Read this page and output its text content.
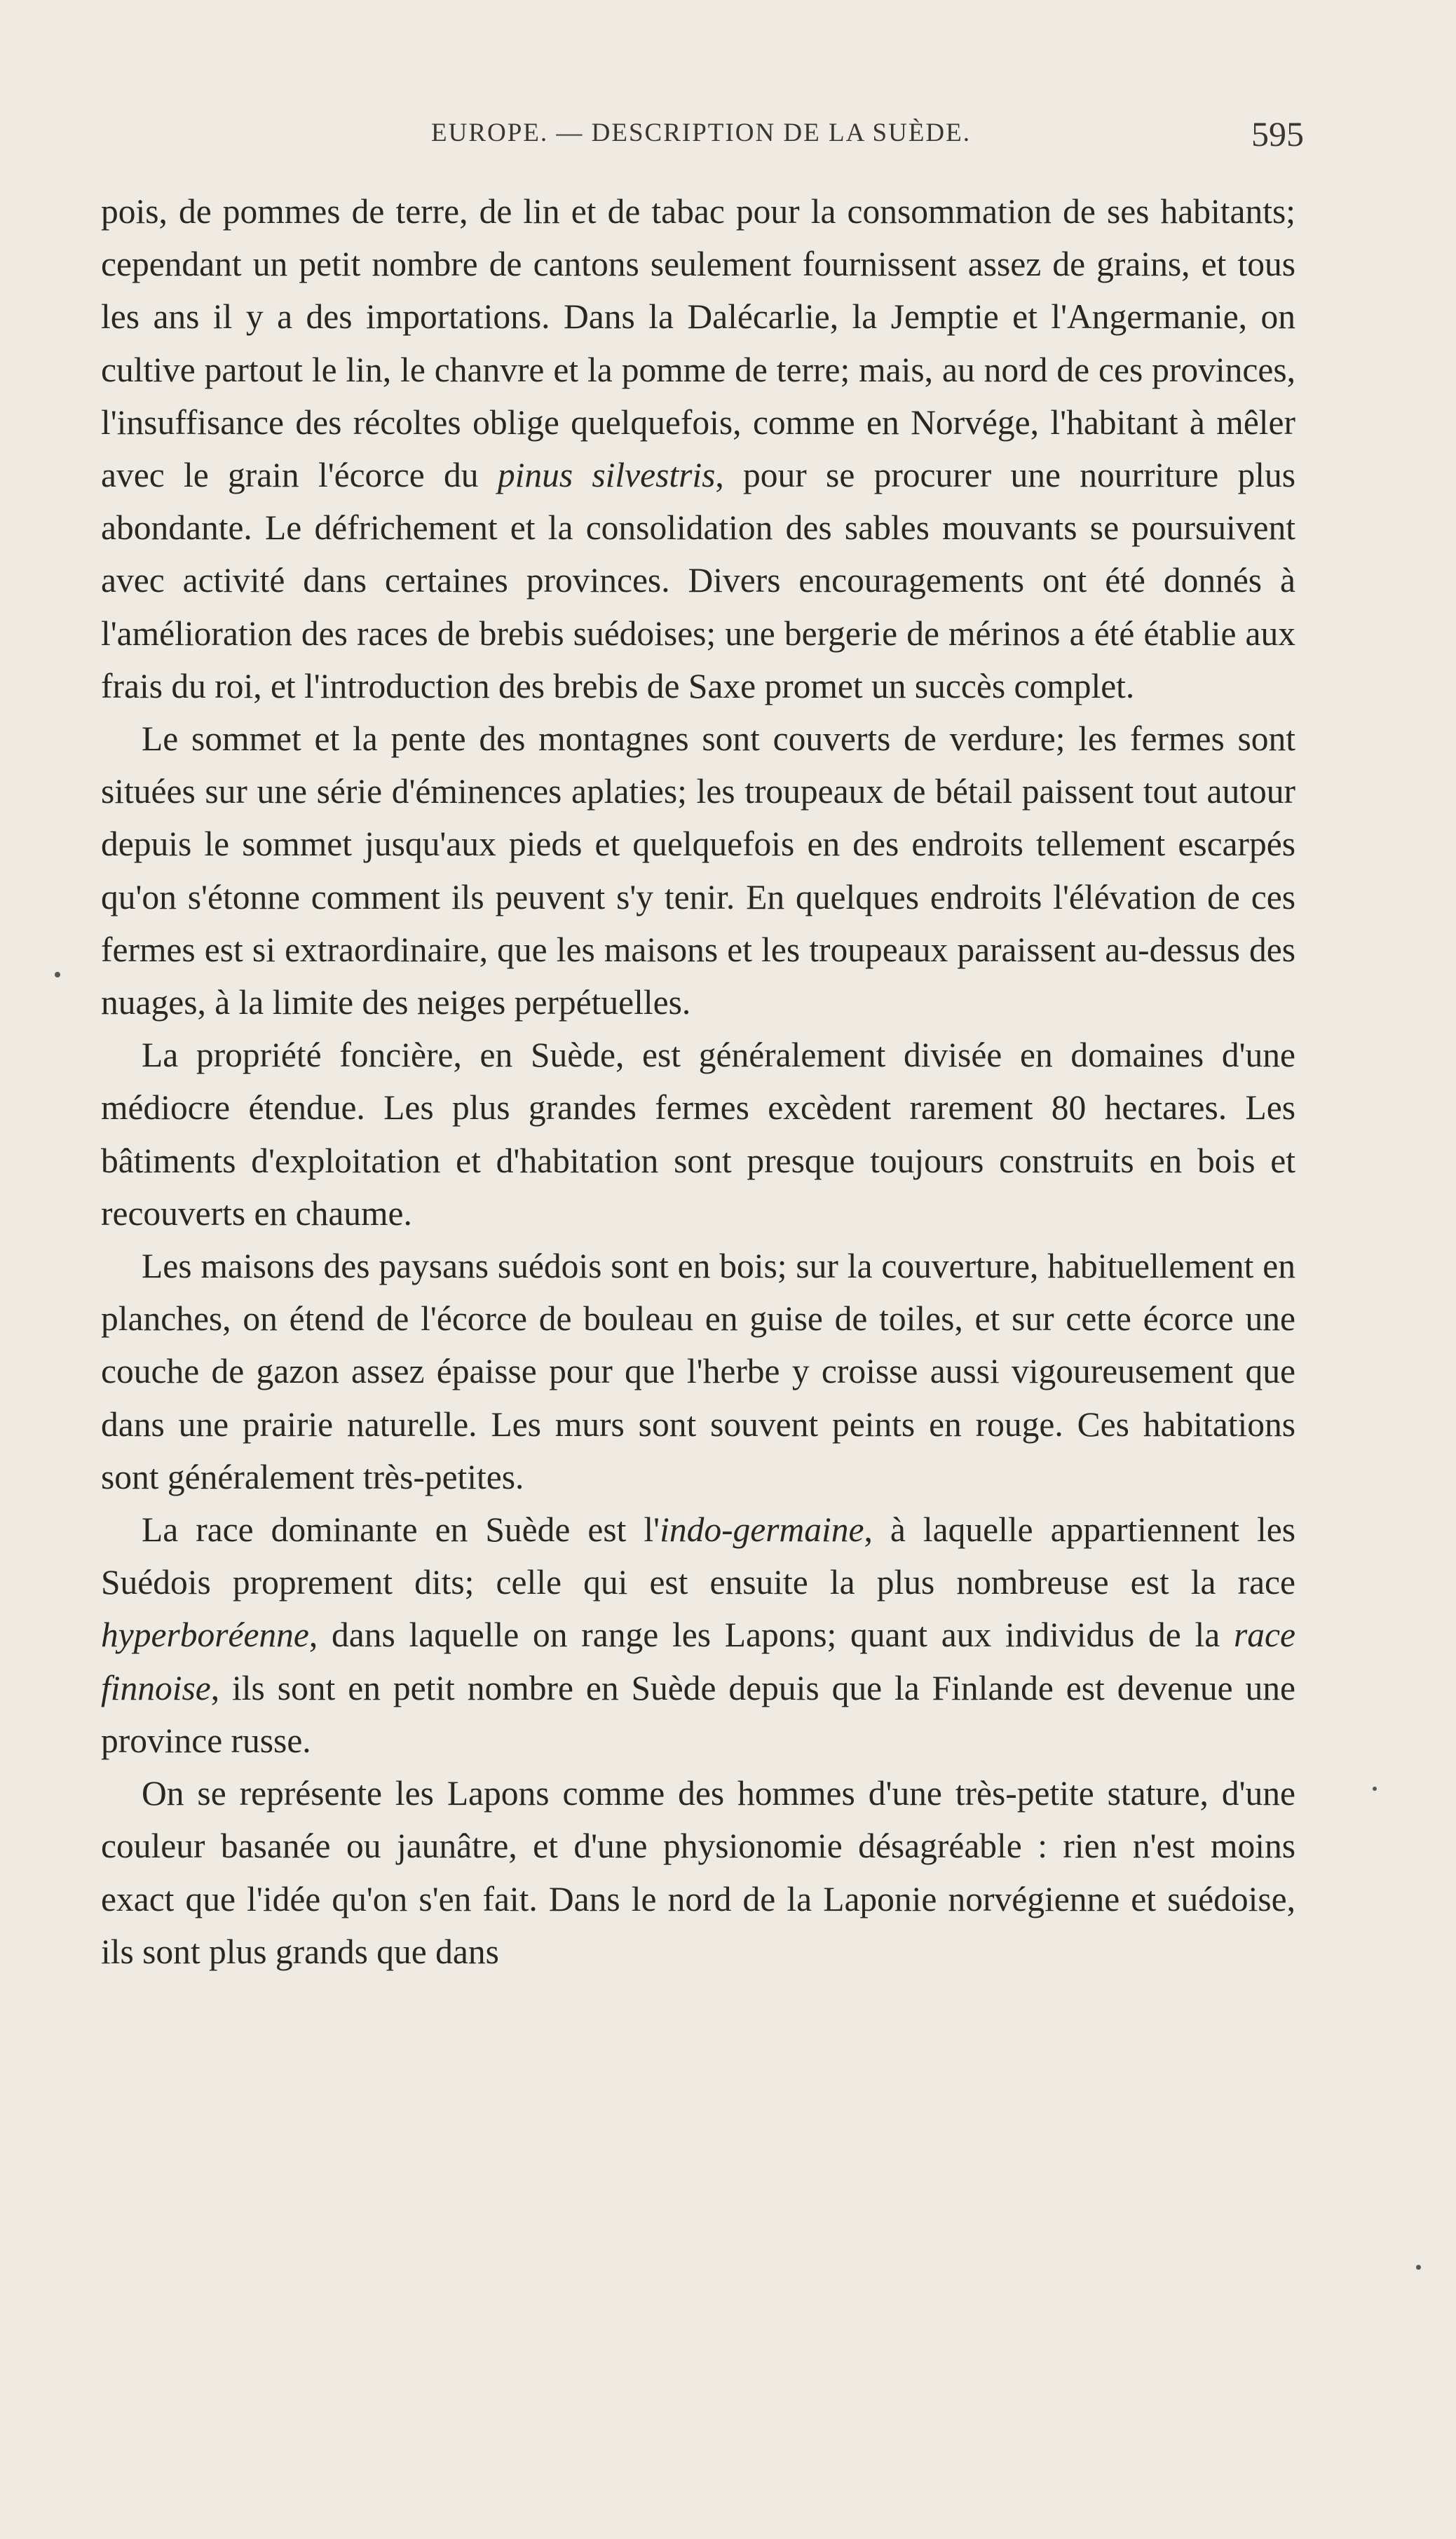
EUROPE. — DESCRIPTION DE LA SUÈDE.	595

pois, de pommes de terre, de lin et de tabac pour la consommation de ses habitants; cependant un petit nombre de cantons seulement fournissent assez de grains, et tous les ans il y a des importations. Dans la Dalécarlie, la Jemptie et l'Angermanie, on cultive partout le lin, le chanvre et la pomme de terre; mais, au nord de ces provinces, l'insuffisance des récoltes oblige quelquefois, comme en Norvége, l'habitant à mêler avec le grain l'écorce du pinus silvestris, pour se procurer une nourriture plus abondante. Le défrichement et la consolidation des sables mouvants se poursuivent avec activité dans certaines provinces. Divers encouragements ont été donnés à l'amélioration des races de brebis suédoises; une bergerie de mérinos a été établie aux frais du roi, et l'introduction des brebis de Saxe promet un succès complet.

Le sommet et la pente des montagnes sont couverts de verdure; les fermes sont situées sur une série d'éminences aplaties; les troupeaux de bétail paissent tout autour depuis le sommet jusqu'aux pieds et quelquefois en des endroits tellement escarpés qu'on s'étonne comment ils peuvent s'y tenir. En quelques endroits l'élévation de ces fermes est si extraordinaire, que les maisons et les troupeaux paraissent au-dessus des nuages, à la limite des neiges perpétuelles.

La propriété foncière, en Suède, est généralement divisée en domaines d'une médiocre étendue. Les plus grandes fermes excèdent rarement 80 hectares. Les bâtiments d'exploitation et d'habitation sont presque toujours construits en bois et recouverts en chaume.

Les maisons des paysans suédois sont en bois; sur la couverture, habituellement en planches, on étend de l'écorce de bouleau en guise de toiles, et sur cette écorce une couche de gazon assez épaisse pour que l'herbe y croisse aussi vigoureusement que dans une prairie naturelle. Les murs sont souvent peints en rouge. Ces habitations sont généralement très-petites.

La race dominante en Suède est l'indo-germaine, à laquelle appartiennent les Suédois proprement dits; celle qui est ensuite la plus nombreuse est la race hyperboréenne, dans laquelle on range les Lapons; quant aux individus de la race finnoise, ils sont en petit nombre en Suède depuis que la Finlande est devenue une province russe.

On se représente les Lapons comme des hommes d'une très-petite stature, d'une couleur basanée ou jaunâtre, et d'une physionomie désagréable : rien n'est moins exact que l'idée qu'on s'en fait. Dans le nord de la Laponie norvégienne et suédoise, ils sont plus grands que dans
